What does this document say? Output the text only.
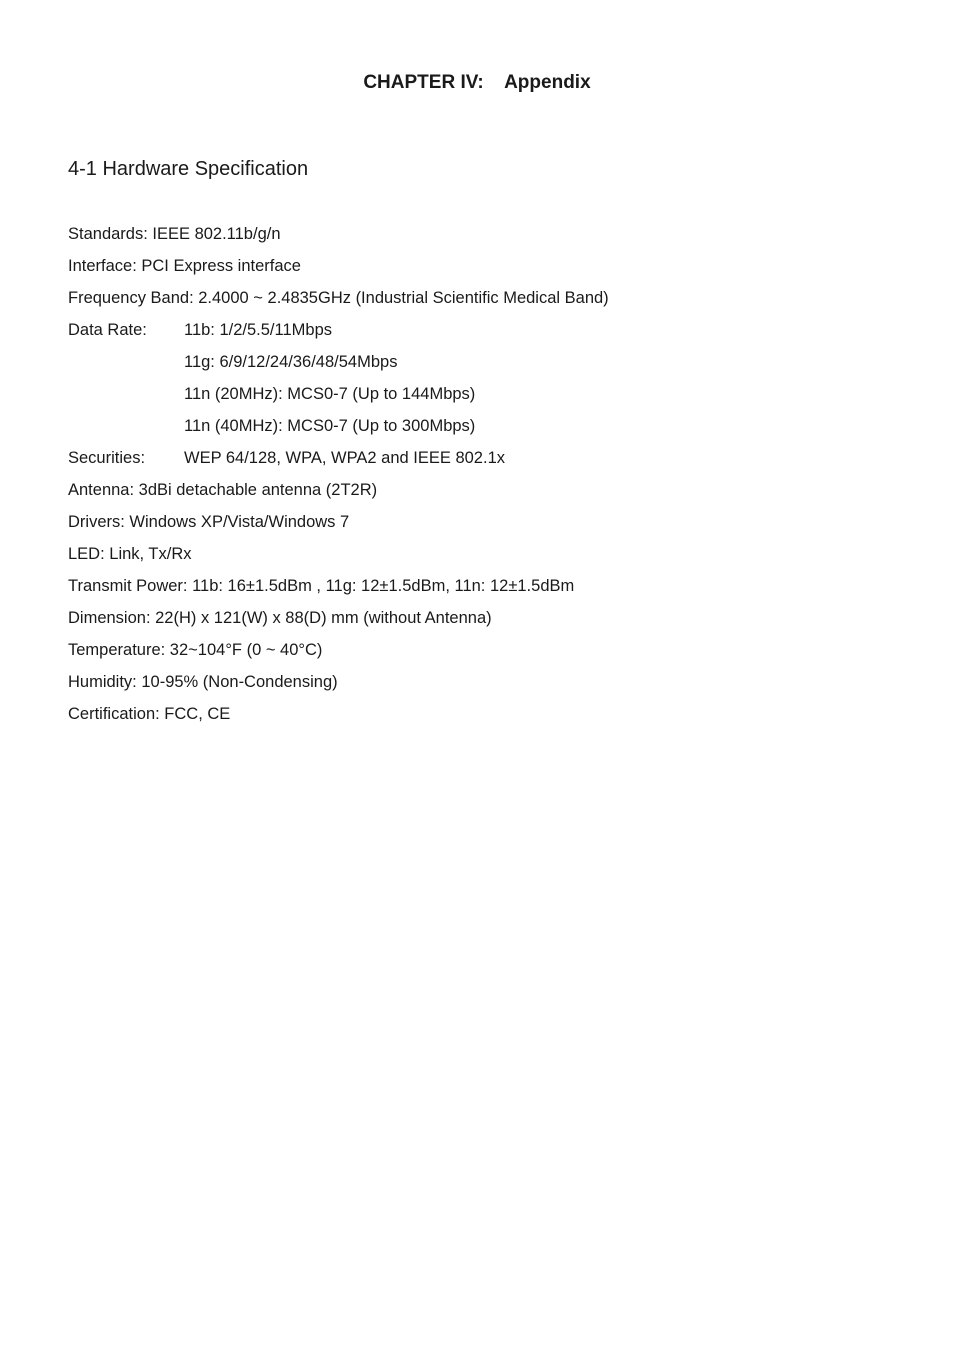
CHAPTER IV:    Appendix
4-1 Hardware Specification
Standards: IEEE 802.11b/g/n
Interface: PCI Express interface
Frequency Band: 2.4000 ~ 2.4835GHz (Industrial Scientific Medical Band)
Data Rate: 11b: 1/2/5.5/11Mbps
11g: 6/9/12/24/36/48/54Mbps
11n (20MHz): MCS0-7 (Up to 144Mbps)
11n (40MHz): MCS0-7 (Up to 300Mbps)
Securities: WEP 64/128, WPA, WPA2 and IEEE 802.1x
Antenna: 3dBi detachable antenna (2T2R)
Drivers: Windows XP/Vista/Windows 7
LED: Link, Tx/Rx
Transmit Power: 11b: 16±1.5dBm , 11g: 12±1.5dBm, 11n: 12±1.5dBm
Dimension: 22(H) x 121(W) x 88(D) mm (without Antenna)
Temperature: 32~104°F (0 ~ 40°C)
Humidity: 10-95% (Non-Condensing)
Certification: FCC, CE
